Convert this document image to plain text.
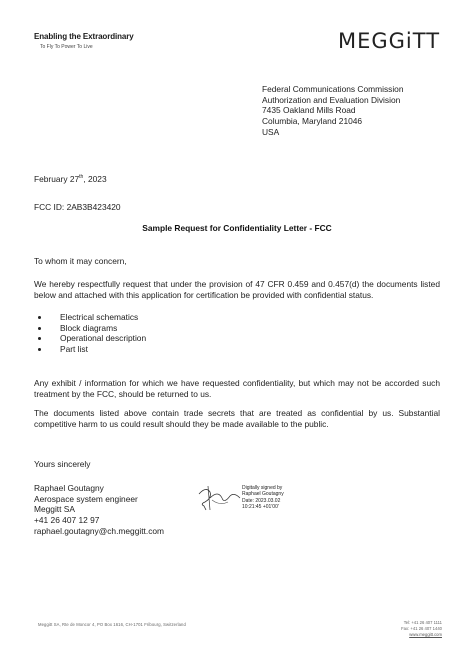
Enabling the Extraordinary
To Fly To Power To Live	MEGGiTT
Federal Communications Commission
Authorization and Evaluation Division
7435 Oakland Mills Road
Columbia, Maryland 21046
USA
February 27th, 2023
FCC ID: 2AB3B423420
Sample Request for Confidentiality Letter - FCC
To whom it may concern,
We hereby respectfully request that under the provision of 47 CFR 0.459 and 0.457(d) the documents listed below and attached with this application for certification be provided with confidential status.
• Electrical schematics
• Block diagrams
• Operational description
• Part list
Any exhibit / information for which we have requested confidentiality, but which may not be accorded such treatment by the FCC, should be returned to us.
The documents listed above contain trade secrets that are treated as confidential by us. Substantial competitive harm to us could result should they be made available to the public.
Yours sincerely
Raphael Goutagny
Aerospace system engineer
Meggitt SA
+41 26 407 12 97
raphael.goutagny@ch.meggitt.com
Digitally signed by
Raphael Goutagny
Date: 2023.03.02
10:21:45 +01'00'
Meggitt SA, Rte de Moncor 4, PO Box 1616, CH-1701 Fribourg, Switzerland	Tel: +41 26 407 1111
Fax: +41 26 407 1440
www.meggitt.com
